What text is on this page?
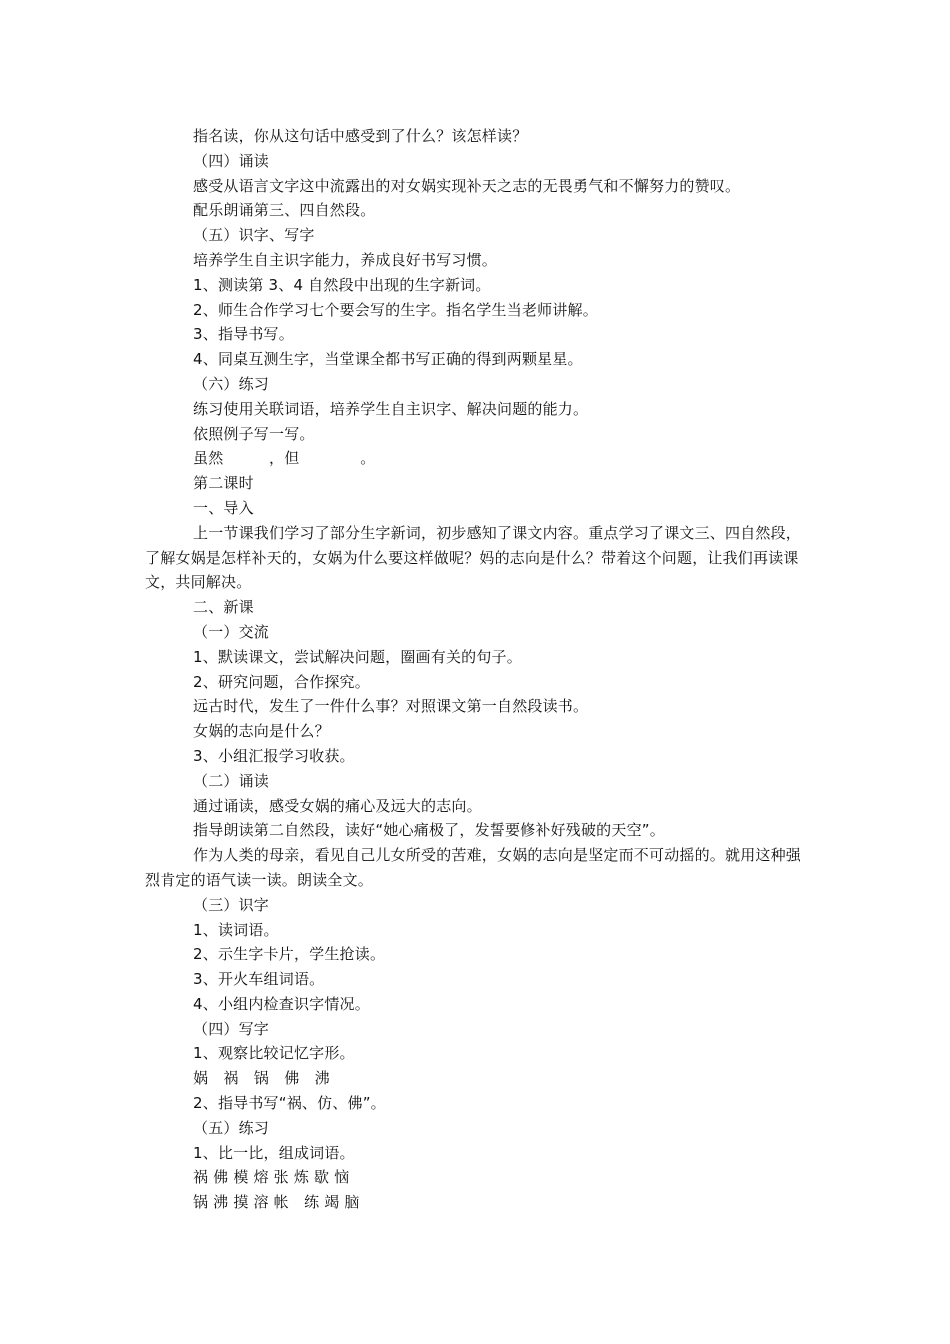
指名读，你从这句话中感受到了什么？该怎样读？
（四）诵读
感受从语言文字这中流露出的对女娲实现补天之志的无畏勇气和不懈努力的赞叹。
配乐朗诵第三、四自然段。
（五）识字、写字
培养学生自主识字能力，养成良好书写习惯。
1、测读第 3、4 自然段中出现的生字新词。
2、师生合作学习七个要会写的生字。指名学生当老师讲解。
3、指导书写。
4、同桌互测生字，当堂课全都书写正确的得到两颗星星。
（六）练习
练习使用关联词语，培养学生自主识字、解决问题的能力。
依照例子写一写。
虽然　　　，但　　　　。
第二课时
一、导入
上一节课我们学习了部分生字新词，初步感知了课文内容。重点学习了课文三、四自然段，了解女娲是怎样补天的，女娲为什么要这样做呢？妈的志向是什么？带着这个问题，让我们再读课文，共同解决。
二、新课
（一）交流
1、默读课文，尝试解决问题，圈画有关的句子。
2、研究问题，合作探究。
远古时代，发生了一件什么事？对照课文第一自然段读书。
女娲的志向是什么？
3、小组汇报学习收获。
（二）诵读
通过诵读，感受女娲的痛心及远大的志向。
指导朗读第二自然段，读好“她心痛极了，发誓要修补好残破的天空”。
作为人类的母亲，看见自己儿女所受的苦难，女娲的志向是坚定而不可动摇的。就用这种强烈肯定的语气读一读。朗读全文。
（三）识字
1、读词语。
2、示生字卡片，学生抢读。
3、开火车组词语。
4、小组内检查识字情况。
（四）写字
1、观察比较记忆字形。
娲　祸　锅　佛　沸
2、指导书写“祸、仿、佛”。
（五）练习
1、比一比，组成词语。
祸 佛 模 熔 张 炼 歇 恼
锅 沸 摸 溶 帐　练 竭 脑
